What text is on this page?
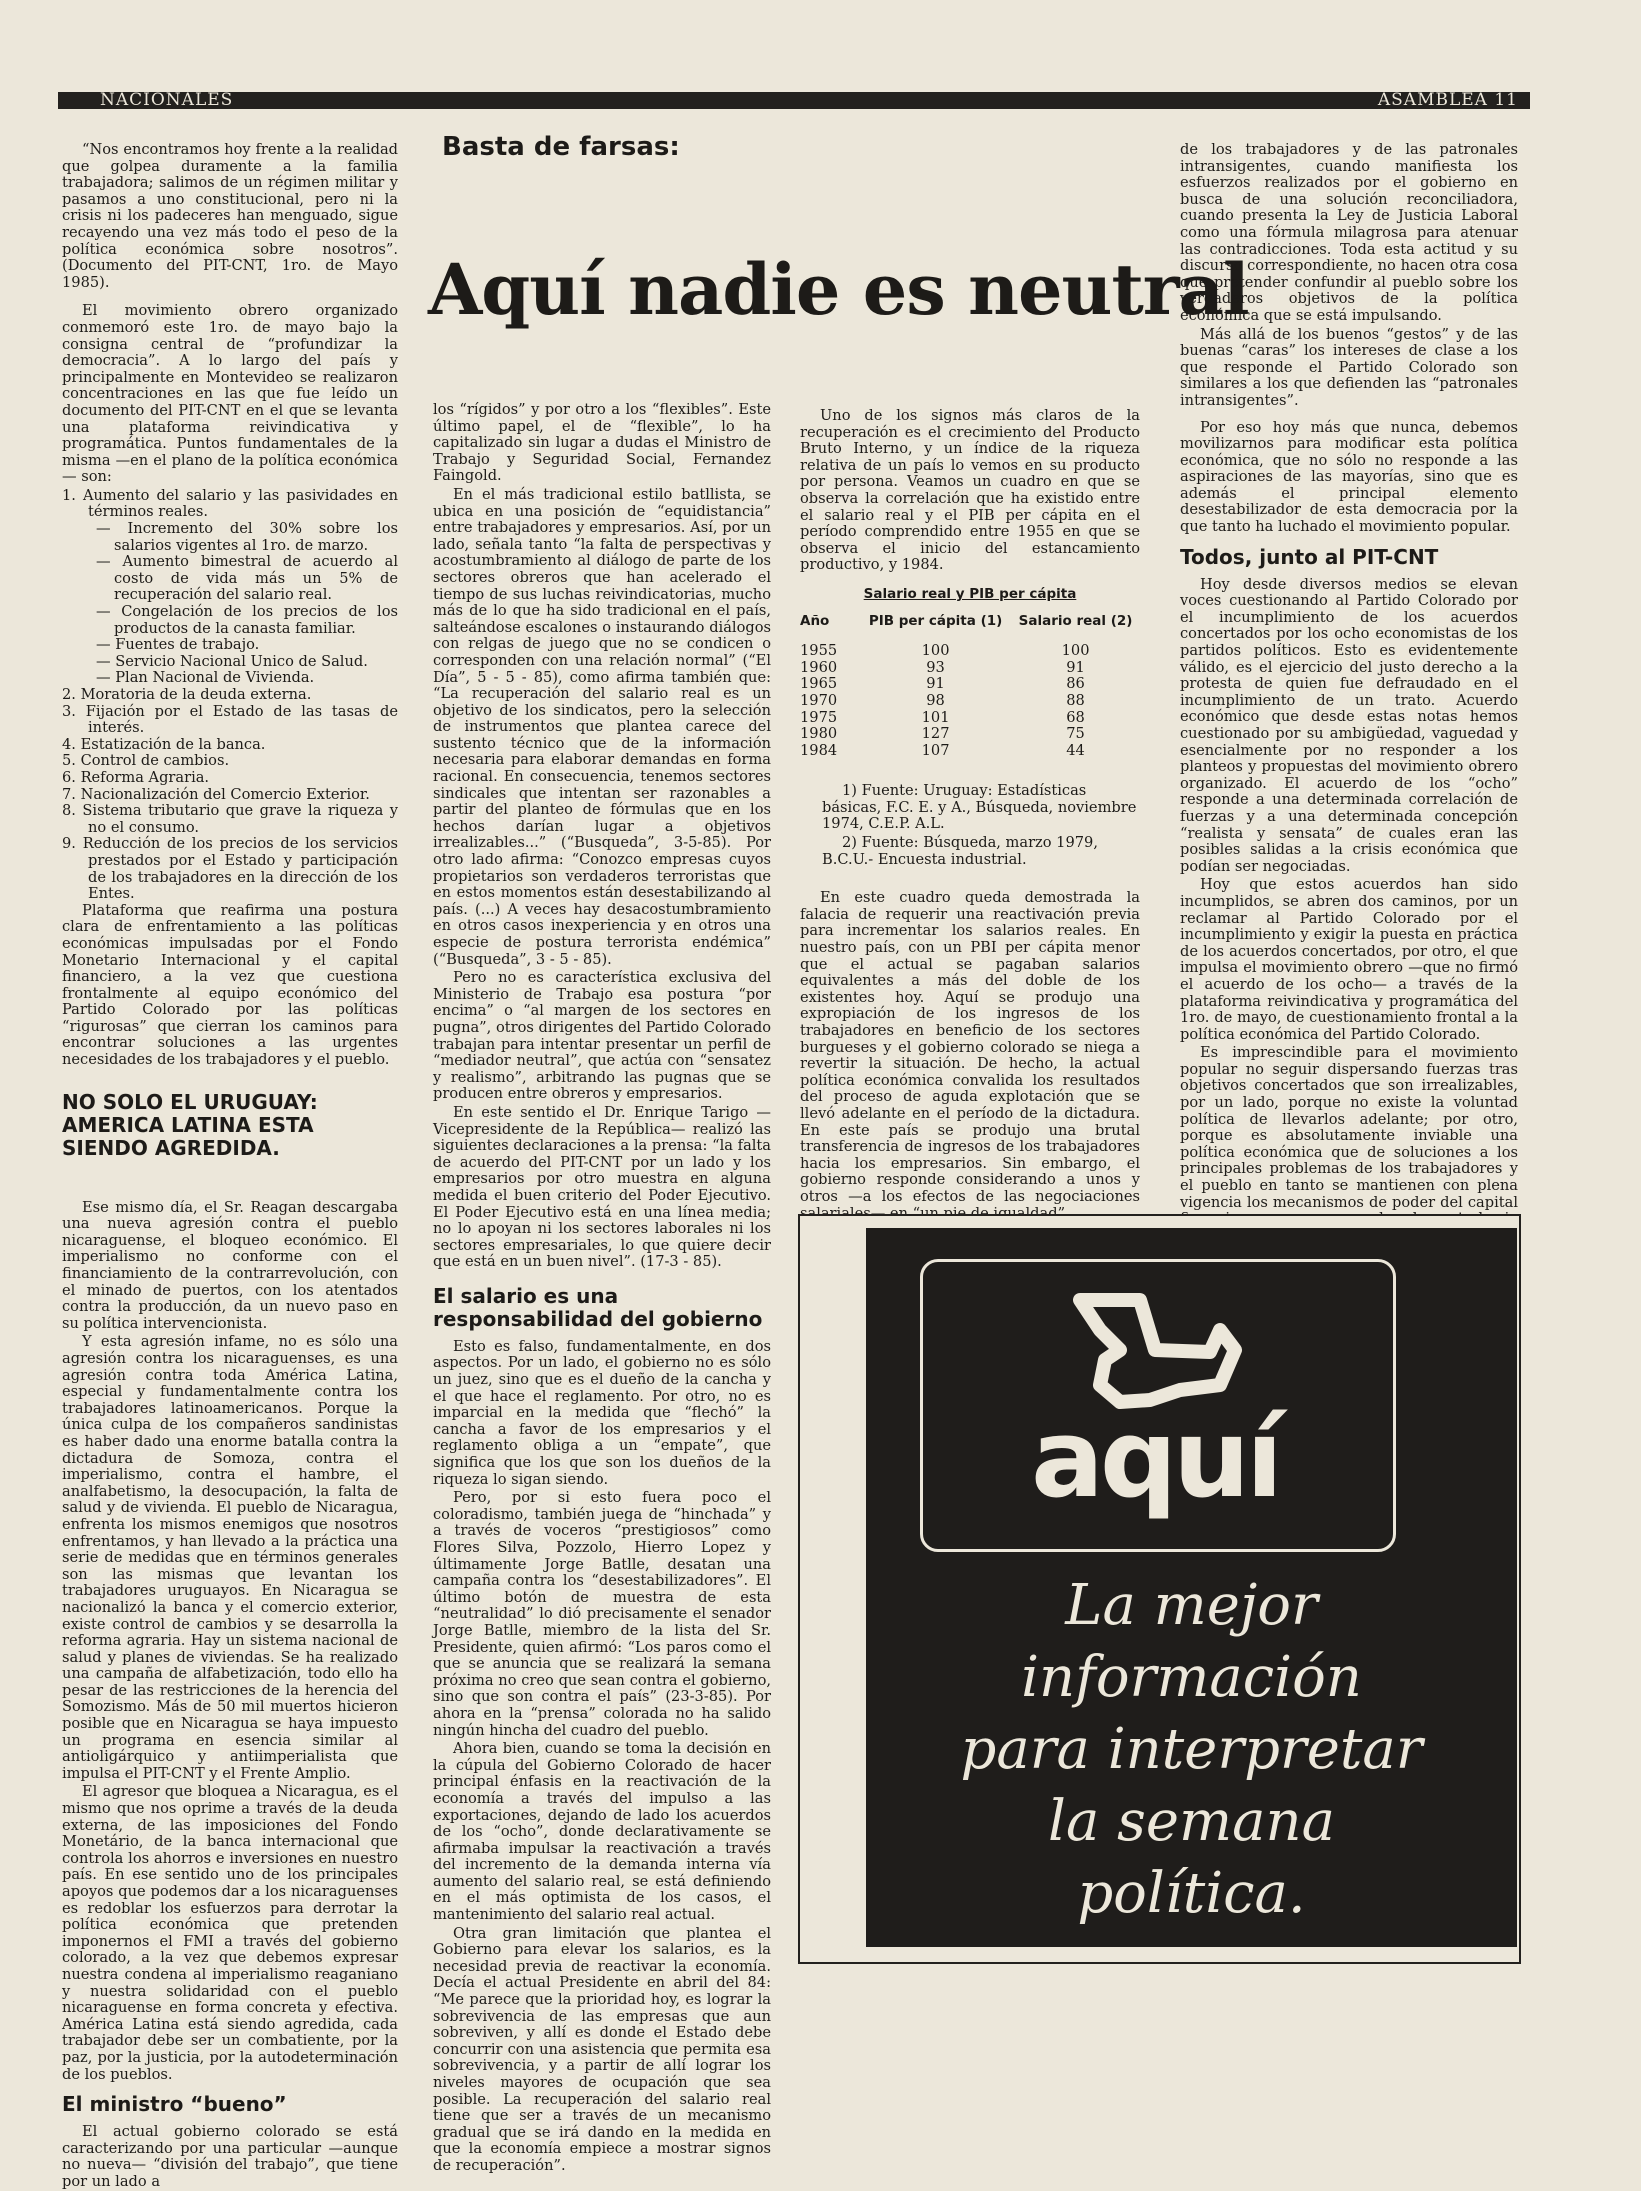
NACIONALES	ASAMBLEA 11
Basta de farsas:
Aquí nadie es neutral

“Nos encontramos hoy frente a la realidad que golpea duramente a la familia trabajadora; salimos de un régimen militar y pasamos a uno constitucional, pero ni la crisis ni los padeceres han menguado, sigue recayendo una vez más todo el peso de la política económica sobre nosotros”. (Documento del PIT-CNT, 1ro. de Mayo 1985).

El movimiento obrero organizado conmemoró este 1ro. de mayo bajo la consigna central de “profundizar la democracia”. A lo largo del país y principalmente en Montevideo se realizaron concentraciones en las que fue leído un documento del PIT-CNT en el que se levanta una plataforma reivindicativa y programática. Puntos fundamentales de la misma —en el plano de la política económica— son:

1. Aumento del salario y las pasividades en términos reales.
— Incremento del 30% sobre los salarios vigentes al 1ro. de marzo.
— Aumento bimestral de acuerdo al costo de vida más un 5% de recuperación del salario real.
— Congelación de los precios de los productos de la canasta familiar.
— Fuentes de trabajo.
— Servicio Nacional Unico de Salud.
— Plan Nacional de Vivienda.
2. Moratoria de la deuda externa.
3. Fijación por el Estado de las tasas de interés.
4. Estatización de la banca.
5. Control de cambios.
6. Reforma Agraria.
7. Nacionalización del Comercio Exterior.
8. Sistema tributario que grave la riqueza y no el consumo.
9. Reducción de los precios de los servicios prestados por el Estado y participación de los trabajadores en la dirección de los Entes.

Plataforma que reafirma una postura clara de enfrentamiento a las políticas económicas impulsadas por el Fondo Monetario Internacional y el capital financiero, a la vez que cuestiona frontalmente al equipo económico del Partido Colorado por las políticas “rigurosas” que cierran los caminos para encontrar soluciones a las urgentes necesidades de los trabajadores y el pueblo.

NO SOLO EL URUGUAY: AMERICA LATINA ESTA SIENDO AGREDIDA.

Ese mismo día, el Sr. Reagan descargaba una nueva agresión contra el pueblo nicaraguense, el bloqueo económico. El imperialismo no conforme con el financiamiento de la contrarrevolución, con el minado de puertos, con los atentados contra la producción, da un nuevo paso en su política intervencionista.

Y esta agresión infame, no es sólo una agresión contra los nicaraguenses, es una agresión contra toda América Latina, especial y fundamentalmente contra los trabajadores latinoamericanos. Porque la única culpa de los compañeros sandinistas es haber dado una enorme batalla contra la dictadura de Somoza, contra el imperialismo, contra el hambre, el analfabetismo, la desocupación, la falta de salud y de vivienda. El pueblo de Nicaragua, enfrenta los mismos enemigos que nosotros enfrentamos, y han llevado a la práctica una serie de medidas que en términos generales son las mismas que levantan los trabajadores uruguayos. En Nicaragua se nacionalizó la banca y el comercio exterior, existe control de cambios y se desarrolla la reforma agraria. Hay un sistema nacional de salud y planes de viviendas. Se ha realizado una campaña de alfabetización, todo ello ha pesar de las restricciones de la herencia del Somozismo. Más de 50 mil muertos hicieron posible que en Nicaragua se haya impuesto un programa en esencia similar al antioligárquico y antiimperialista que impulsa el PIT-CNT y el Frente Amplio.

El agresor que bloquea a Nicaragua, es el mismo que nos oprime a través de la deuda externa, de las imposiciones del Fondo Monetário, de la banca internacional que controla los ahorros e inversiones en nuestro país. En ese sentido uno de los principales apoyos que podemos dar a los nicaraguenses es redoblar los esfuerzos para derrotar la política económica que pretenden imponernos el FMI a través del gobierno colorado, a la vez que debemos expresar nuestra condena al imperialismo reaganiano y nuestra solidaridad con el pueblo nicaraguense en forma concreta y efectiva. América Latina está siendo agredida, cada trabajador debe ser un combatiente, por la paz, por la justicia, por la autodeterminación de los pueblos.

El ministro “bueno”

El actual gobierno colorado se está caracterizando por una particular —aunque no nueva— “división del trabajo”, que tiene por un lado a

los “rígidos” y por otro a los “flexibles”. Este último papel, el de “flexible”, lo ha capitalizado sin lugar a dudas el Ministro de Trabajo y Seguridad Social, Fernandez Faingold.

En el más tradicional estilo batllista, se ubica en una posición de “equidistancia” entre trabajadores y empresarios. Así, por un lado, señala tanto “la falta de perspectivas y acostumbramiento al diálogo de parte de los sectores obreros que han acelerado el tiempo de sus luchas reivindicatorias, mucho más de lo que ha sido tradicional en el país, salteándose escalones o instaurando diálogos con relgas de juego que no se condicen o corresponden con una relación normal” (“El Día”, 5 - 5 - 85), como afirma también que: “La recuperación del salario real es un objetivo de los sindicatos, pero la selección de instrumentos que plantea carece del sustento técnico que de la información necesaria para elaborar demandas en forma racional. En consecuencia, tenemos sectores sindicales que intentan ser razonables a partir del planteo de fórmulas que en los hechos darían lugar a objetivos irrealizables...” (“Busqueda”, 3-5-85). Por otro lado afirma: “Conozco empresas cuyos propietarios son verdaderos terroristas que en estos momentos están desestabilizando al país. (...) A veces hay desacostumbramiento en otros casos inexperiencia y en otros una especie de postura terrorista endémica” (“Busqueda”, 3 - 5 - 85).

Pero no es característica exclusiva del Ministerio de Trabajo esa postura “por encima” o “al margen de los sectores en pugna”, otros dirigentes del Partido Colorado trabajan para intentar presentar un perfil de “mediador neutral”, que actúa con “sensatez y realismo”, arbitrando las pugnas que se producen entre obreros y empresarios.

En este sentido el Dr. Enrique Tarigo —Vicepresidente de la República— realizó las siguientes declaraciones a la prensa: “la falta de acuerdo del PIT-CNT por un lado y los empresarios por otro muestra en alguna medida el buen criterio del Poder Ejecutivo. El Poder Ejecutivo está en una línea media; no lo apoyan ni los sectores laborales ni los sectores empresariales, lo que quiere decir que está en un buen nivel”. (17-3 - 85).

El salario es una responsabilidad del gobierno

Esto es falso, fundamentalmente, en dos aspectos. Por un lado, el gobierno no es sólo un juez, sino que es el dueño de la cancha y el que hace el reglamento. Por otro, no es imparcial en la medida que “flechó” la cancha a favor de los empresarios y el reglamento obliga a un “empate”, que significa que los que son los dueños de la riqueza lo sigan siendo.

Pero, por si esto fuera poco el coloradismo, también juega de “hinchada” y a través de voceros “prestigiosos” como Flores Silva, Pozzolo, Hierro Lopez y últimamente Jorge Batlle, desatan una campaña contra los “desestabilizadores”. El último botón de muestra de esta “neutralidad” lo dió precisamente el senador Jorge Batlle, miembro de la lista del Sr. Presidente, quien afirmó: “Los paros como el que se anuncia que se realizará la semana próxima no creo que sean contra el gobierno, sino que son contra el país” (23-3-85). Por ahora en la “prensa” colorada no ha salido ningún hincha del cuadro del pueblo.

Ahora bien, cuando se toma la decisión en la cúpula del Gobierno Colorado de hacer principal énfasis en la reactivación de la economía a través del impulso a las exportaciones, dejando de lado los acuerdos de los “ocho”, donde declarativamente se afirmaba impulsar la reactivación a través del incremento de la demanda interna vía aumento del salario real, se está definiendo en el más optimista de los casos, el mantenimiento del salario real actual.

Otra gran limitación que plantea el Gobierno para elevar los salarios, es la necesidad previa de reactivar la economía. Decía el actual Presidente en abril del 84: “Me parece que la prioridad hoy, es lograr la sobrevivencia de las empresas que aun sobreviven, y allí es donde el Estado debe concurrir con una asistencia que permita esa sobrevivencia, y a partir de allí lograr los niveles mayores de ocupación que sea posible. La recuperación del salario real tiene que ser a través de un mecanismo gradual que se irá dando en la medida en que la economía empiece a mostrar signos de recuperación”.

Uno de los signos más claros de la recuperación es el crecimiento del Producto Bruto Interno, y un índice de la riqueza relativa de un país lo vemos en su producto por persona. Veamos un cuadro en que se observa la correlación que ha existido entre el salario real y el PIB per cápita en el período comprendido entre 1955 en que se observa el inicio del estancamiento productivo, y 1984.

Salario real y PIB per cápita
Año	PIB per cápita (1)	Salario real (2)

1955	100	100
1960	93	91
1965	91	86
1970	98	88
1975	101	68
1980	127	75
1984	107	44

1) Fuente: Uruguay: Estadísticas básicas, F.C. E. y A., Búsqueda, noviembre 1974, C.E.P. A.L.

2) Fuente: Búsqueda, marzo 1979, B.C.U.- Encuesta industrial.

En este cuadro queda demostrada la falacia de requerir una reactivación previa para incrementar los salarios reales. En nuestro país, con un PBI per cápita menor que el actual se pagaban salarios equivalentes a más del doble de los existentes hoy. Aquí se produjo una expropiación de los ingresos de los trabajadores en beneficio de los sectores burgueses y el gobierno colorado se niega a revertir la situación. De hecho, la actual política económica convalida los resultados del proceso de aguda explotación que se llevó adelante en el período de la dictadura. En este país se produjo una brutal transferencia de ingresos de los trabajadores hacia los empresarios. Sin embargo, el gobierno responde considerando a unos y otros —a los efectos de las negociaciones

de los trabajadores y de las patronales intransigentes, cuando manifiesta los esfuerzos realizados por el gobierno en busca de una solución reconciliadora, cuando presenta la Ley de Justicia Laboral como una fórmula milagrosa para atenuar las contradicciones. Toda esta actitud y su discurso correspondiente, no hacen otra cosa que pretender confundir al pueblo sobre los verdaderos objetivos de la política económica que se está impulsando.

Más allá de los buenos “gestos” y de las buenas “caras” los intereses de clase a los que responde el Partido Colorado son similares a los que defienden las “patronales intransigentes”.

Por eso hoy más que nunca, debemos movilizarnos para modificar esta política económica, que no sólo no responde a las aspiraciones de las mayorías, sino que es además el principal elemento desestabilizador de esta democracia por la que tanto ha luchado el movimiento popular.

Todos, junto al PIT-CNT

Hoy desde diversos medios se elevan voces cuestionando al Partido Colorado por el incumplimiento de los acuerdos concertados por los ocho economistas de los partidos políticos. Esto es evidentemente válido, es el ejercicio del justo derecho a la protesta de quien fue defraudado en el incumplimiento de un trato. Acuerdo económico que desde estas notas hemos cuestionado por su ambigüedad, vaguedad y esencialmente por no responder a los planteos y propuestas del movimiento obrero organizado. El acuerdo de los “ocho” responde a una determinada correlación de fuerzas y a una determinada concepción “realista y sensata” de cuales eran las posibles salidas a la crisis económica que podían ser negociadas.

Hoy que estos acuerdos han sido incumplidos, se abren dos caminos, por un reclamar al Partido Colorado por el incumplimiento y exigir la puesta en práctica de los acuerdos concertados, por otro, el que impulsa el movimiento obrero —que no firmó el acuerdo de los ocho— a través de la plataforma reivindicativa y programática del 1ro. de mayo, de cuestionamiento frontal a la política económica del Partido Colorado.

Es imprescindible para el movimiento popular no seguir dispersando fuerzas tras objetivos concertados que son irrealizables, por un lado, porque no existe la voluntad política de llevarlos adelante; por otro, porque es absolutamente inviable una política económica que de soluciones a los principales problemas de los trabajadores y el pueblo en tanto se mantienen con plena vigencia los mecanismos de poder del capital

aquí
La mejor
información
para interpretar
la semana
política.
